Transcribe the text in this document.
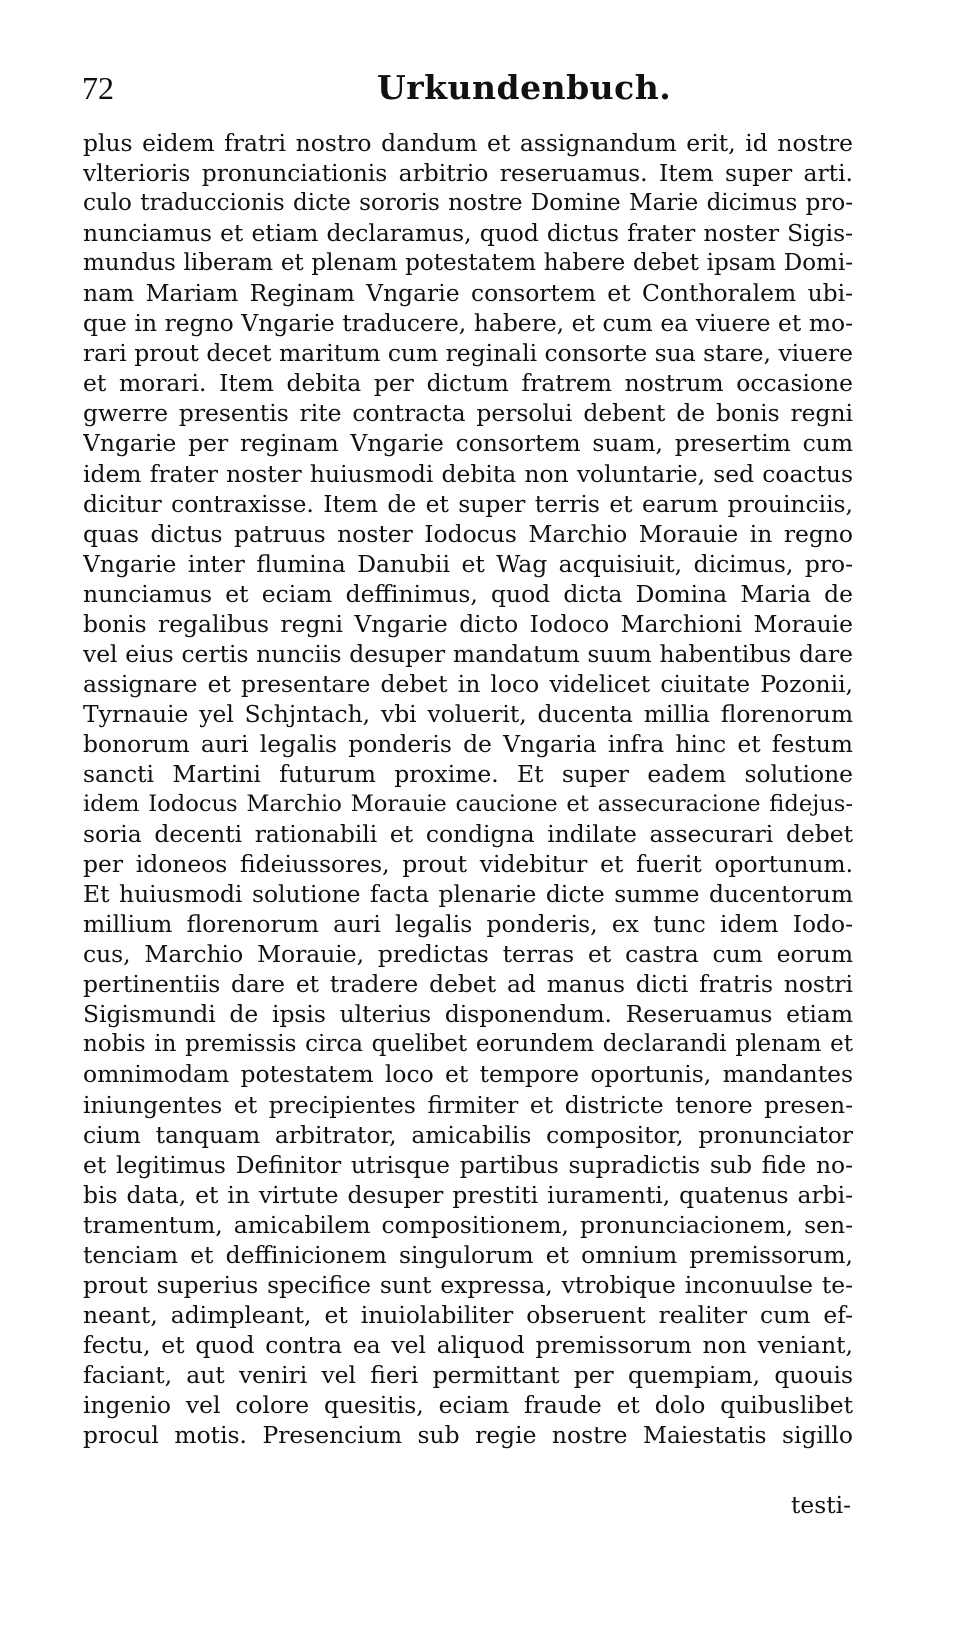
72	Urkundenbuch.
plus eidem fratri nostro dandum et assignandum erit, id nostre
vlterioris pronunciationis arbitrio reseruamus. Item super arti.
culo traduccionis dicte sororis nostre Domine Marie dicimus pro-
nunciamus et etiam declaramus, quod dictus frater noster Sigis-
mundus liberam et plenam potestatem habere debet ipsam Domi-
nam Mariam Reginam Vngarie consortem et Conthoralem ubi-
que in regno Vngarie traducere, habere, et cum ea viuere et mo-
rari prout decet maritum cum reginali consorte sua stare, viuere
et morari. Item debita per dictum fratrem nostrum occasione
gwerre presentis rite contracta persolui debent de bonis regni
Vngarie per reginam Vngarie consortem suam, presertim cum
idem frater noster huiusmodi debita non voluntarie, sed coactus
dicitur contraxisse. Item de et super terris et earum prouinciis,
quas dictus patruus noster Iodocus Marchio Morauie in regno
Vngarie inter flumina Danubii et Wag acquisiuit, dicimus, pro-
nunciamus et eciam deffinimus, quod dicta Domina Maria de
bonis regalibus regni Vngarie dicto Iodoco Marchioni Morauie
vel eius certis nunciis desuper mandatum suum habentibus dare
assignare et presentare debet in loco videlicet ciuitate Pozonii,
Tyrnauie yel Schjntach, vbi voluerit, ducenta millia florenorum
bonorum auri legalis ponderis de Vngaria infra hinc et festum
sancti Martini futurum proxime. Et super eadem solutione
idem Iodocus Marchio Morauie caucione et assecuracione fidejus-
soria decenti rationabili et condigna indilate assecurari debet
per idoneos fideiussores, prout videbitur et fuerit oportunum.
Et huiusmodi solutione facta plenarie dicte summe ducentorum
millium florenorum auri legalis ponderis, ex tunc idem Iodo-
cus, Marchio Morauie, predictas terras et castra cum eorum
pertinentiis dare et tradere debet ad manus dicti fratris nostri
Sigismundi de ipsis ulterius disponendum. Reseruamus etiam
nobis in premissis circa quelibet eorundem declarandi plenam et
omnimodam potestatem loco et tempore oportunis, mandantes
iniungentes et precipientes firmiter et districte tenore presen-
cium tanquam arbitrator, amicabilis compositor, pronunciator
et legitimus Definitor utrisque partibus supradictis sub fide no-
bis data, et in virtute desuper prestiti iuramenti, quatenus arbi-
tramentum, amicabilem compositionem, pronunciacionem, sen-
tenciam et deffinicionem singulorum et omnium premissorum,
prout superius specifice sunt expressa, vtrobique inconuulse te-
neant, adimpleant, et inuiolabiliter obseruent realiter cum ef-
fectu, et quod contra ea vel aliquod premissorum non veniant,
faciant, aut veniri vel fieri permittant per quempiam, quouis
ingenio vel colore quesitis, eciam fraude et dolo quibuslibet
procul motis. Presencium sub regie nostre Maiestatis sigillo
testi-
